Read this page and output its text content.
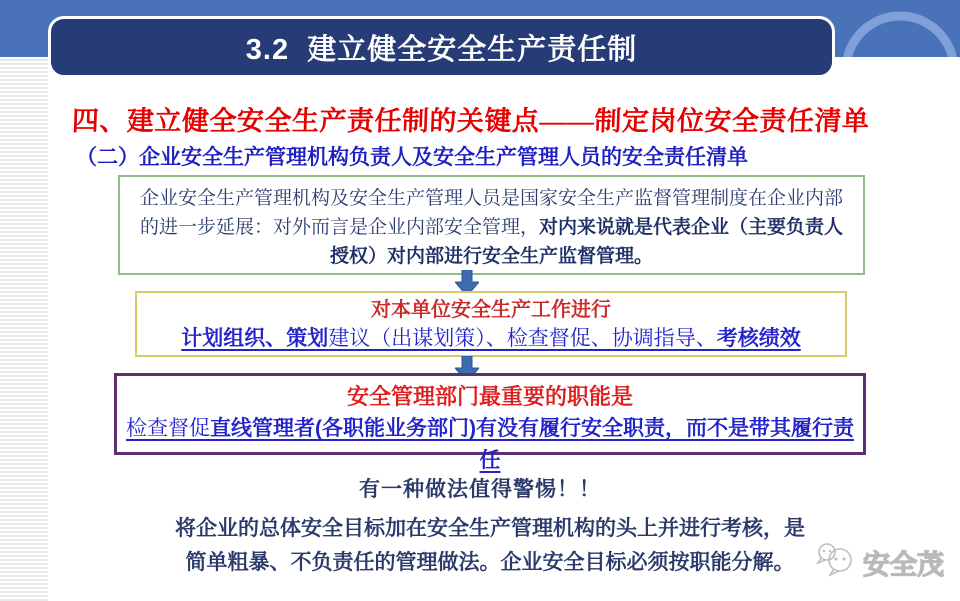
3.2  建立健全安全生产责任制
四、建立健全安全生产责任制的关键点——制定岗位安全责任清单
（二）企业安全生产管理机构负责人及安全生产管理人员的安全责任清单
企业安全生产管理机构及安全生产管理人员是国家安全生产监督管理制度在企业内部的进一步延展：对外而言是企业内部安全管理，对内来说就是代表企业（主要负责人授权）对内部进行安全生产监督管理。
对本单位安全生产工作进行
计划组织、策划建议（出谋划策）、检查督促、协调指导、考核绩效
安全管理部门最重要的职能是
检查督促直线管理者(各职能业务部门)有没有履行安全职责，而不是带其履行责任
有一种做法值得警惕！！
将企业的总体安全目标加在安全生产管理机构的头上并进行考核，是
简单粗暴、不负责任的管理做法。企业安全目标必须按职能分解。	安全茂
